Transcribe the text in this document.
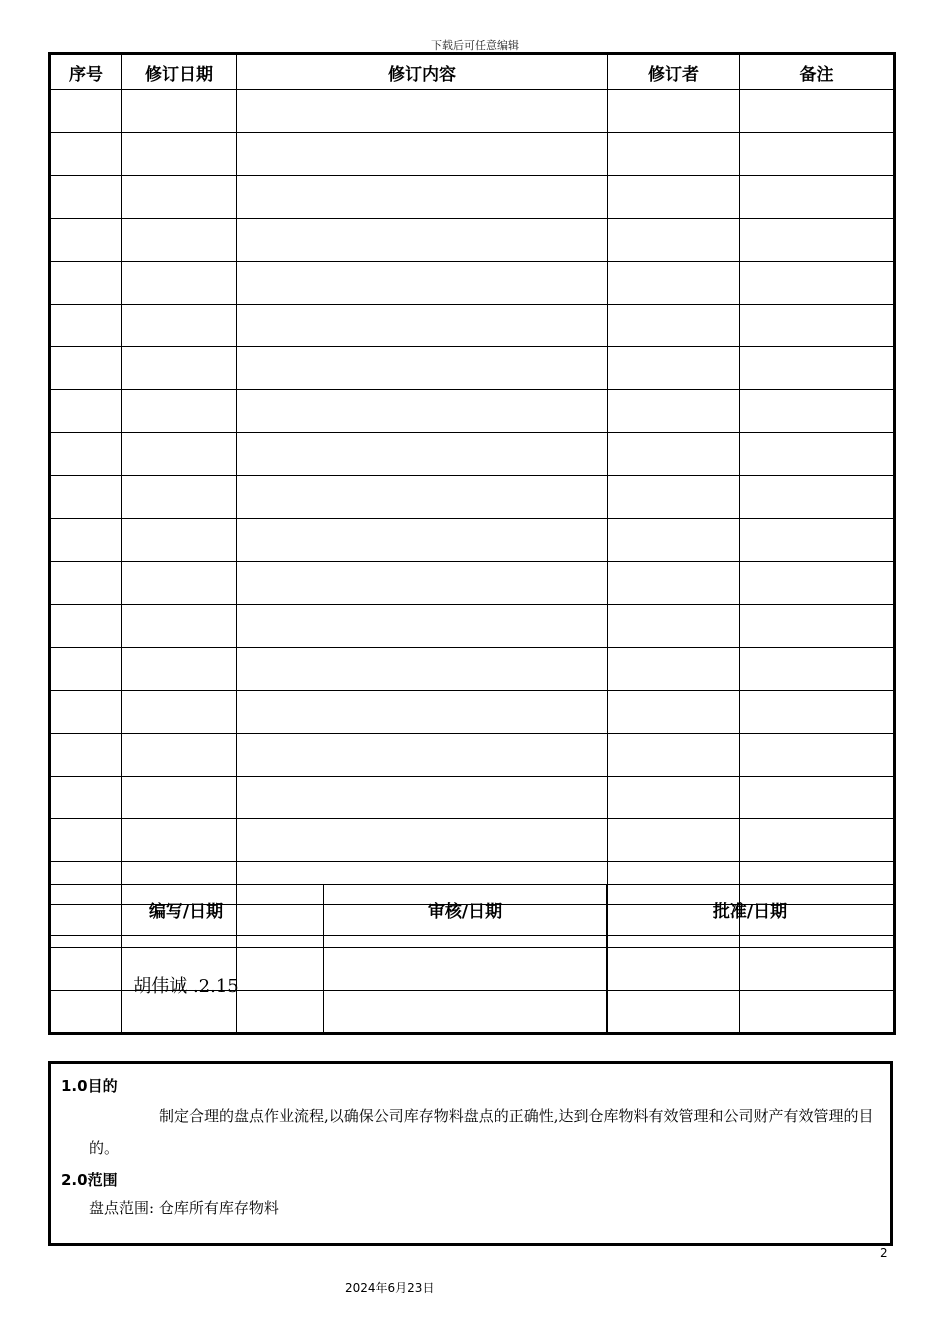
下载后可任意编辑
序号	修订日期	修订内容	修订者	备注

编写/日期	审核/日期	批准/日期
胡伟诚 .2.15		

1.0目的

制定合理的盘点作业流程,以确保公司库存物料盘点的正确性,达到仓库物料有效管理和公司财产有效管理的目的。

2.0范围

盘点范围: 仓库所有库存物料

2
2024年6月23日
